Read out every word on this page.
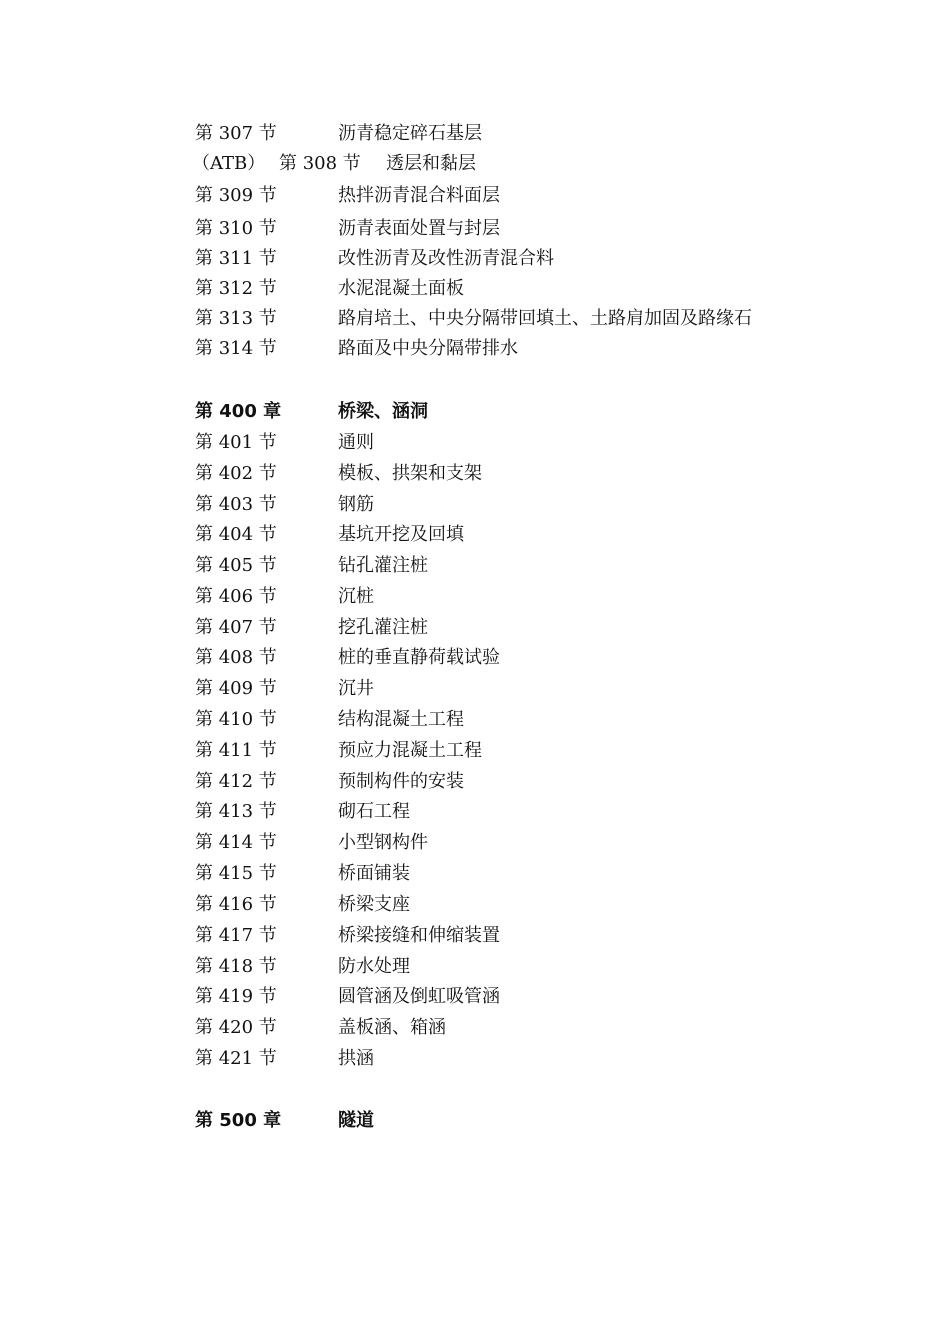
第 307 节	沥青稳定碎石基层
（ATB） 第 308 节 透层和黏层
第 309 节	热拌沥青混合料面层
第 310 节	沥青表面处置与封层
第 311 节	改性沥青及改性沥青混合料
第 312 节	水泥混凝土面板
第 313 节	路肩培土、中央分隔带回填土、土路肩加固及路缘石
第 314 节	路面及中央分隔带排水
第 400 章	桥梁、涵洞
第 401 节	通则
第 402 节	模板、拱架和支架
第 403 节	钢筋
第 404 节	基坑开挖及回填
第 405 节	钻孔灌注桩
第 406 节	沉桩
第 407 节	挖孔灌注桩
第 408 节	桩的垂直静荷载试验
第 409 节	沉井
第 410 节	结构混凝土工程
第 411 节	预应力混凝土工程
第 412 节	预制构件的安装
第 413 节	砌石工程
第 414 节	小型钢构件
第 415 节	桥面铺装
第 416 节	桥梁支座
第 417 节	桥梁接缝和伸缩装置
第 418 节	防水处理
第 419 节	圆管涵及倒虹吸管涵
第 420 节	盖板涵、箱涵
第 421 节	拱涵
第 500 章	隧道
